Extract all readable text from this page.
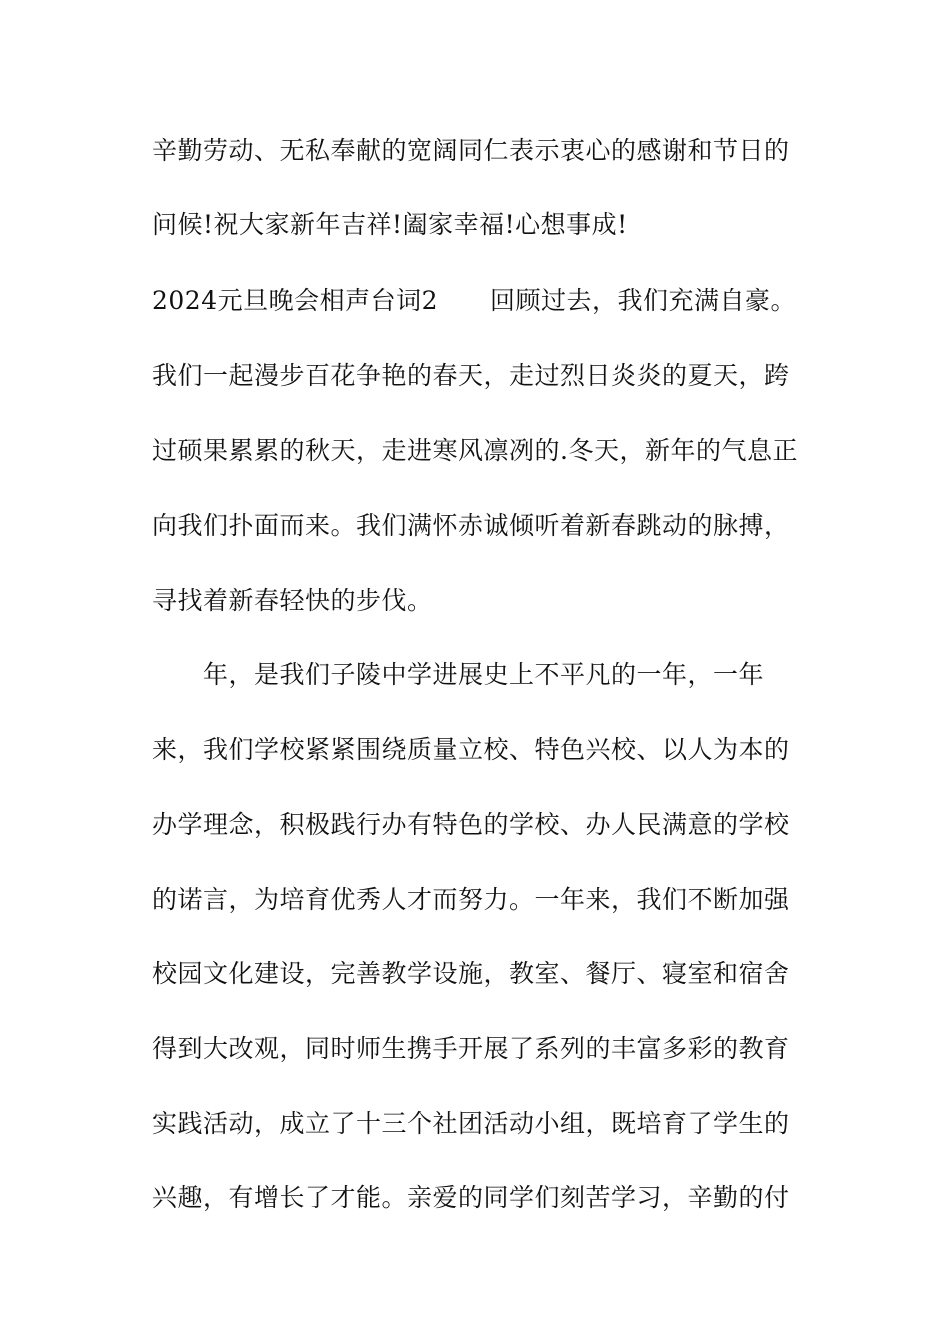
辛勤劳动、无私奉献的宽阔同仁表示衷心的感谢和节日的
问候!祝大家新年吉祥!阖家幸福!心想事成!
2024元旦晚会相声台词2 回顾过去，我们充满自豪。
我们一起漫步百花争艳的春天，走过烈日炎炎的夏天，跨
过硕果累累的秋天，走进寒风凛冽的.冬天，新年的气息正
向我们扑面而来。我们满怀赤诚倾听着新春跳动的脉搏，
寻找着新春轻快的步伐。
年，是我们子陵中学进展史上不平凡的一年，一年
来，我们学校紧紧围绕质量立校、特色兴校、以人为本的
办学理念，积极践行办有特色的学校、办人民满意的学校
的诺言，为培育优秀人才而努力。一年来，我们不断加强
校园文化建设，完善教学设施，教室、餐厅、寝室和宿舍
得到大改观，同时师生携手开展了系列的丰富多彩的教育
实践活动，成立了十三个社团活动小组，既培育了学生的
兴趣，有增长了才能。亲爱的同学们刻苦学习，辛勤的付
